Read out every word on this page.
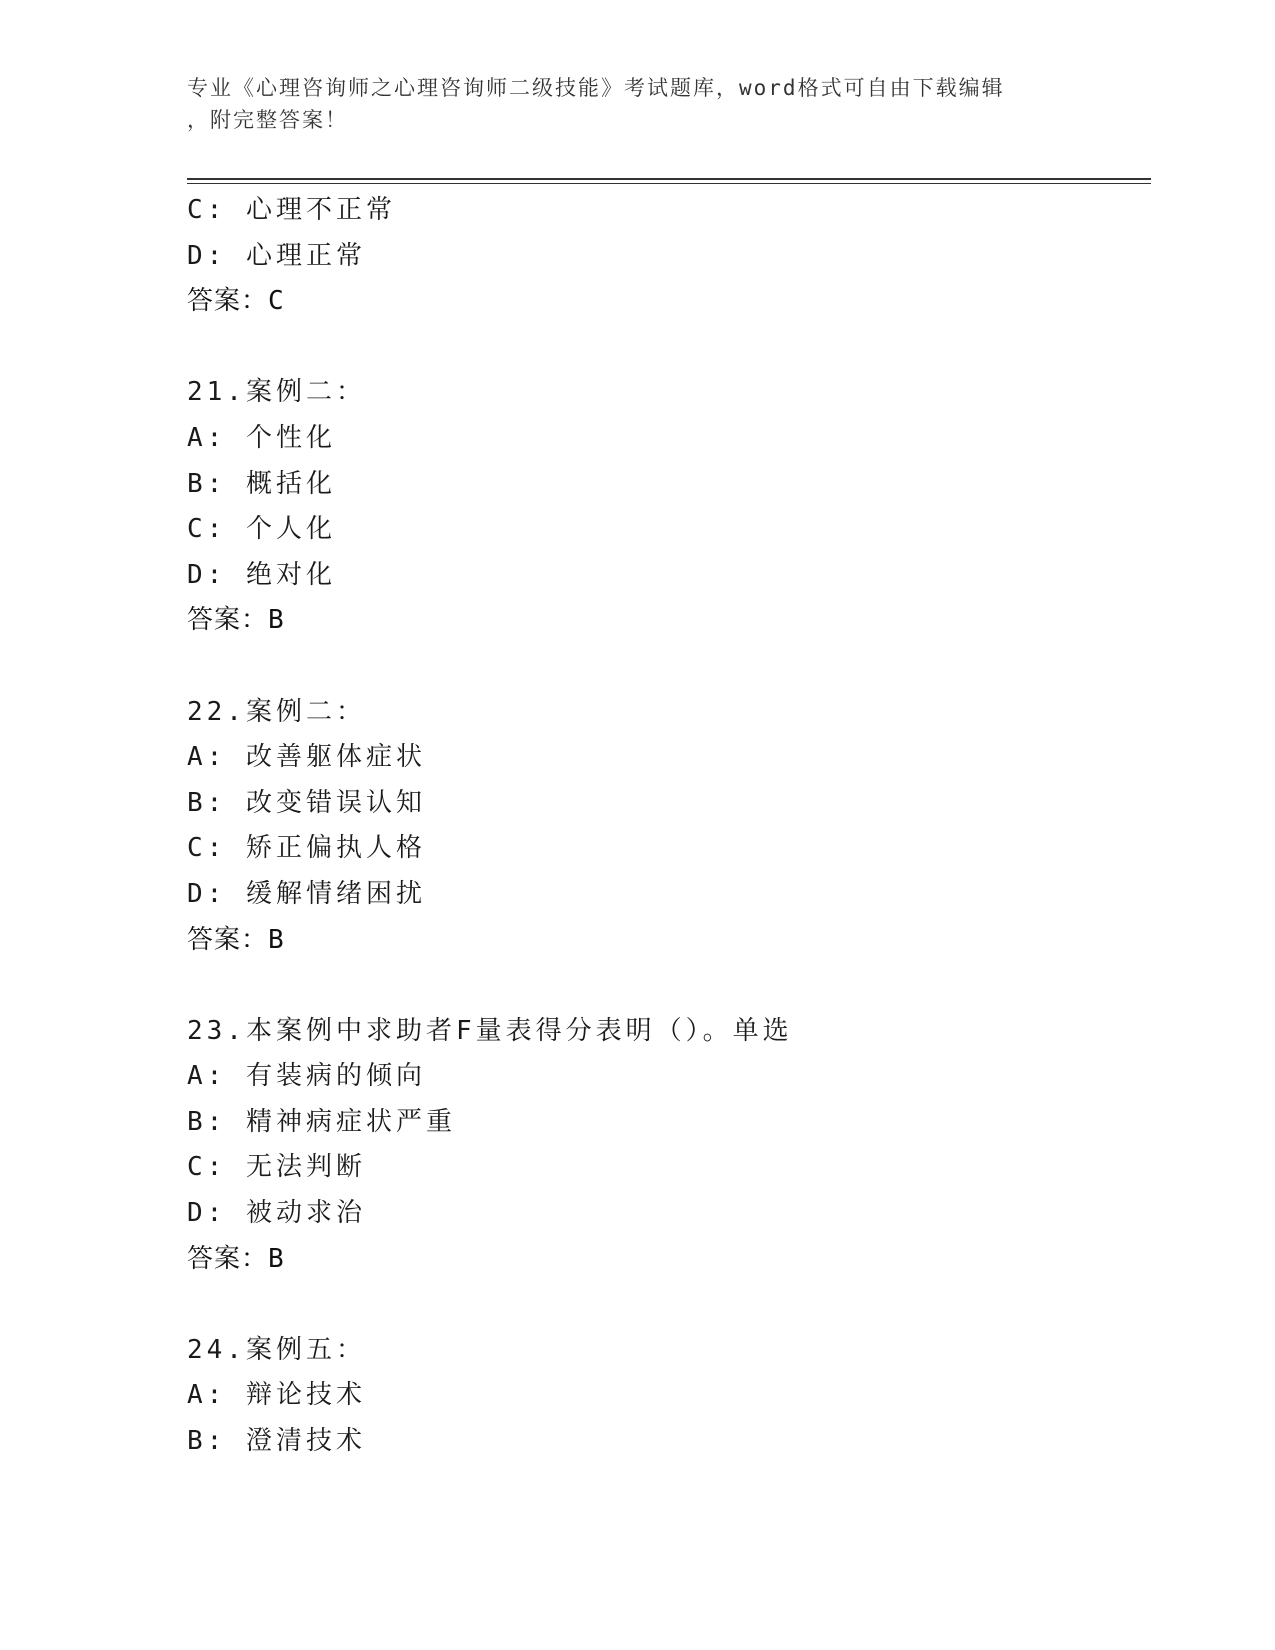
专业《心理咨询师之心理咨询师二级技能》考试题库，word格式可自由下载编辑
，附完整答案！
C: 心理不正常
D: 心理正常
答案：C
21.案例二：
A: 个性化
B: 概括化
C: 个人化
D: 绝对化
答案：B
22.案例二：
A: 改善躯体症状
B: 改变错误认知
C: 矫正偏执人格
D: 缓解情绪困扰
答案：B
23.本案例中求助者F量表得分表明（）。单选
A: 有装病的倾向
B: 精神病症状严重
C: 无法判断
D: 被动求治
答案：B
24.案例五：
A: 辩论技术
B: 澄清技术
